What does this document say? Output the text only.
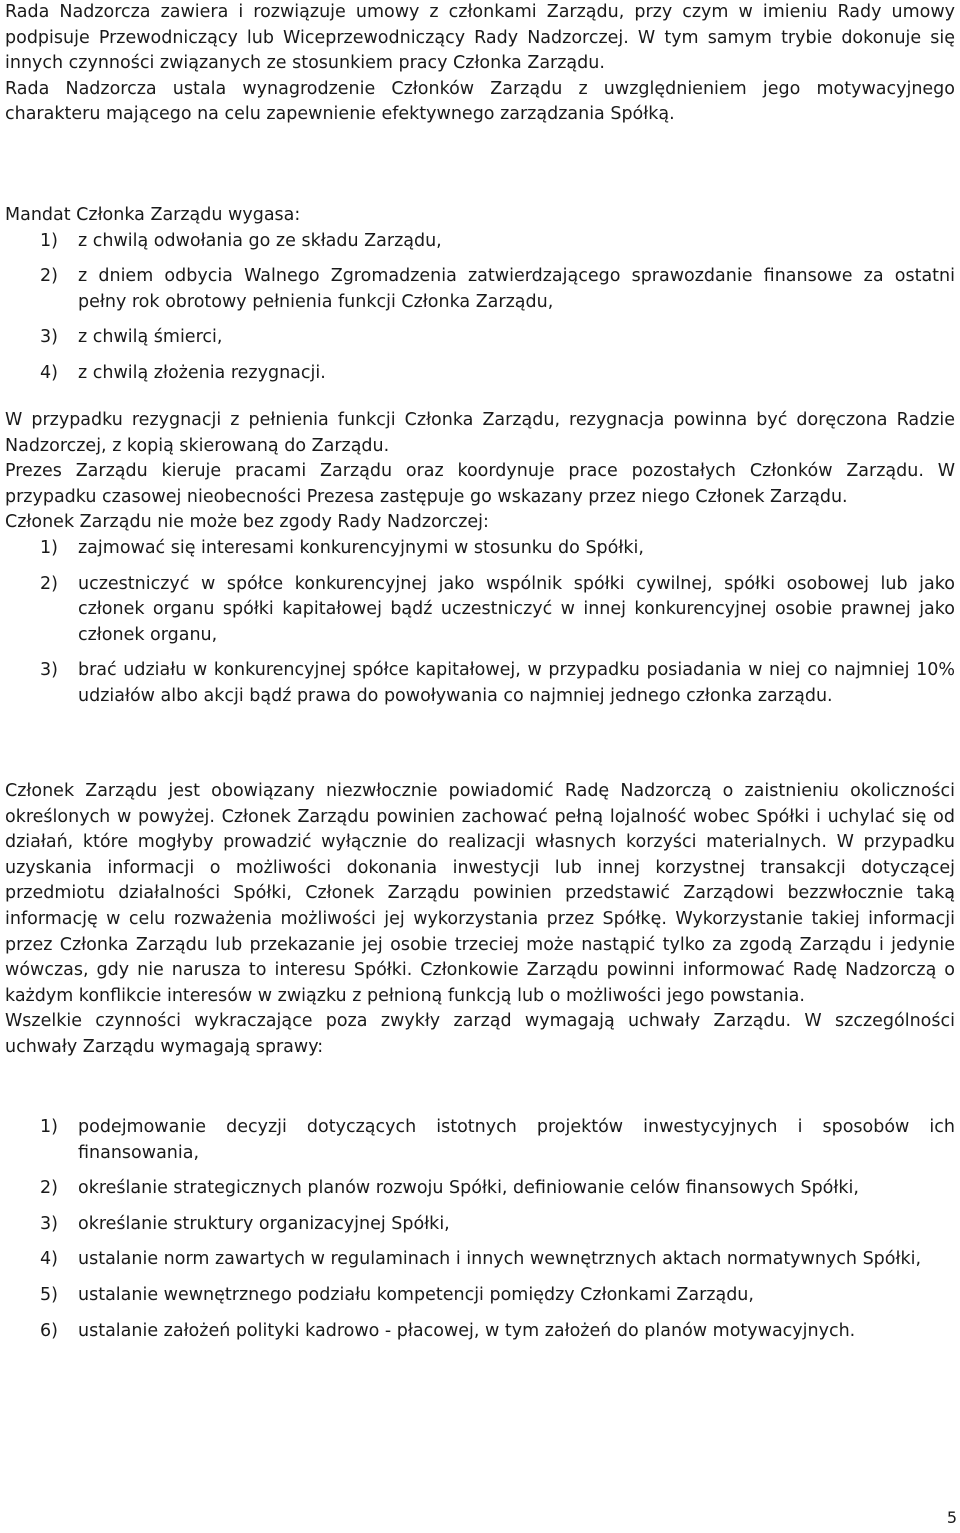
Rada Nadzorcza zawiera i rozwiązuje umowy z członkami Zarządu, przy czym w imieniu Rady umowy podpisuje Przewodniczący lub Wiceprzewodniczący Rady Nadzorczej. W tym samym trybie dokonuje się innych czynności związanych ze stosunkiem pracy Członka Zarządu.

Rada Nadzorcza ustala wynagrodzenie Członków Zarządu z uwzględnieniem jego motywacyjnego charakteru mającego na celu zapewnienie efektywnego zarządzania Spółką.

Mandat Członka Zarządu wygasa:

1) z chwilą odwołania go ze składu Zarządu,
2) z dniem odbycia Walnego Zgromadzenia zatwierdzającego sprawozdanie finansowe za ostatni pełny rok obrotowy pełnienia funkcji Członka Zarządu,
3) z chwilą śmierci,
4) z chwilą złożenia rezygnacji.

W przypadku rezygnacji z pełnienia funkcji Członka Zarządu, rezygnacja powinna być doręczona Radzie Nadzorczej, z kopią skierowaną do Zarządu.

Prezes Zarządu kieruje pracami Zarządu oraz koordynuje prace pozostałych Członków Zarządu. W przypadku czasowej nieobecności Prezesa zastępuje go wskazany przez niego Członek Zarządu.

Członek Zarządu nie może bez zgody Rady Nadzorczej:

1) zajmować się interesami konkurencyjnymi w stosunku do Spółki,
2) uczestniczyć w spółce konkurencyjnej jako wspólnik spółki cywilnej, spółki osobowej lub jako członek organu spółki kapitałowej bądź uczestniczyć w innej konkurencyjnej osobie prawnej jako członek organu,
3) brać udziału w konkurencyjnej spółce kapitałowej, w przypadku posiadania w niej co najmniej 10% udziałów albo akcji bądź prawa do powoływania co najmniej jednego członka zarządu.

Członek Zarządu jest obowiązany niezwłocznie powiadomić Radę Nadzorczą o zaistnieniu okoliczności określonych w powyżej. Członek Zarządu powinien zachować pełną lojalność wobec Spółki i uchylać się od działań, które mogłyby prowadzić wyłącznie do realizacji własnych korzyści materialnych. W przypadku uzyskania informacji o możliwości dokonania inwestycji lub innej korzystnej transakcji dotyczącej przedmiotu działalności Spółki, Członek Zarządu powinien przedstawić Zarządowi bezzwłocznie taką informację w celu rozważenia możliwości jej wykorzystania przez Spółkę. Wykorzystanie takiej informacji przez Członka Zarządu lub przekazanie jej osobie trzeciej może nastąpić tylko za zgodą Zarządu i jedynie wówczas, gdy nie narusza to interesu Spółki. Członkowie Zarządu powinni informować Radę Nadzorczą o każdym konflikcie interesów w związku z pełnioną funkcją lub o możliwości jego powstania.

Wszelkie czynności wykraczające poza zwykły zarząd wymagają uchwały Zarządu. W szczególności uchwały Zarządu wymagają sprawy:

1) podejmowanie decyzji dotyczących istotnych projektów inwestycyjnych i sposobów ich finansowania,
2) określanie strategicznych planów rozwoju Spółki, definiowanie celów finansowych Spółki,
3) określanie struktury organizacyjnej Spółki,
4) ustalanie norm zawartych w regulaminach i innych wewnętrznych aktach normatywnych Spółki,
5) ustalanie wewnętrznego podziału kompetencji pomiędzy Członkami Zarządu,
6) ustalanie założeń polityki kadrowo - płacowej, w tym założeń do planów motywacyjnych.
5
